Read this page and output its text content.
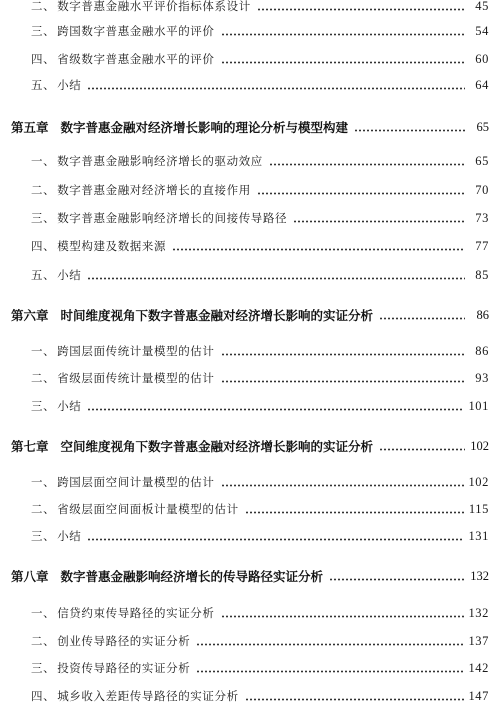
二、 数字普惠金融水平评价指标体系设计	45
三、 跨国数字普惠金融水平的评价	54
四、 省级数字普惠金融水平的评价	60
五、 小结	64
第五章 数字普惠金融对经济增长影响的理论分析与模型构建	65
一、 数字普惠金融影响经济增长的驱动效应	65
二、 数字普惠金融对经济增长的直接作用	70
三、 数字普惠金融影响经济增长的间接传导路径	73
四、 模型构建及数据来源	77
五、 小结	85
第六章 时间维度视角下数字普惠金融对经济增长影响的实证分析	86
一、 跨国层面传统计量模型的估计	86
二、 省级层面传统计量模型的估计	93
三、 小结	101
第七章 空间维度视角下数字普惠金融对经济增长影响的实证分析	102
一、 跨国层面空间计量模型的估计	102
二、 省级层面空间面板计量模型的估计	115
三、 小结	131
第八章 数字普惠金融影响经济增长的传导路径实证分析	132
一、 信贷约束传导路径的实证分析	132
二、 创业传导路径的实证分析	137
三、 投资传导路径的实证分析	142
四、 城乡收入差距传导路径的实证分析	147
